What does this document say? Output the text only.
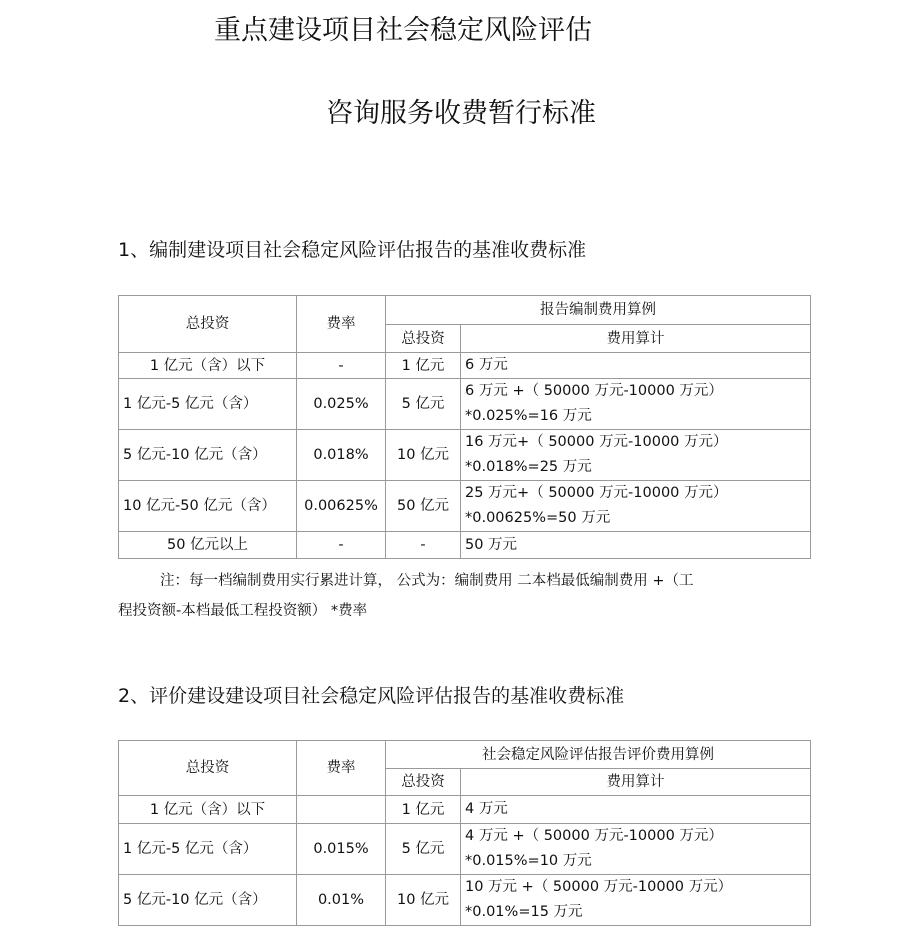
重点建设项目社会稳定风险评估
咨询服务收费暂行标准
1、编制建设项目社会稳定风险评估报告的基准收费标准
总投资	费率	报告编制费用算例	
		总投资	费用算计
1 亿元（含）以下	-	1 亿元	6 万元

1 亿元-5 亿元（含）	0.025%	5 亿元	6 万元 +（ 50000 万元-10000 万元）
*0.025%=16 万元

5 亿元-10 亿元（含）	0.018%	10 亿元	16 万元+（ 50000 万元-10000 万元）
*0.018%=25 万元

10 亿元-50 亿元（含）	0.00625%	50 亿元	25 万元+（ 50000 万元-10000 万元）
*0.00625%=50 万元

50 亿元以上	-	-	50 万元
注：每一档编制费用实行累进计算， 公式为：编制费用 二本档最低编制费用 +（工
程投资额-本档最低工程投资额） *费率
2、评价建设建设项目社会稳定风险评估报告的基准收费标准
总投资	费率	社会稳定风险评估报告评价费用算例	
		总投资	费用算计
1 亿元（含）以下		1 亿元	4 万元

1 亿元-5 亿元（含）	0.015%	5 亿元	4 万元 +（ 50000 万元-10000 万元）
*0.015%=10 万元

5 亿元-10 亿元（含）	0.01%	10 亿元	10 万元 +（ 50000 万元-10000 万元）
*0.01%=15 万元
